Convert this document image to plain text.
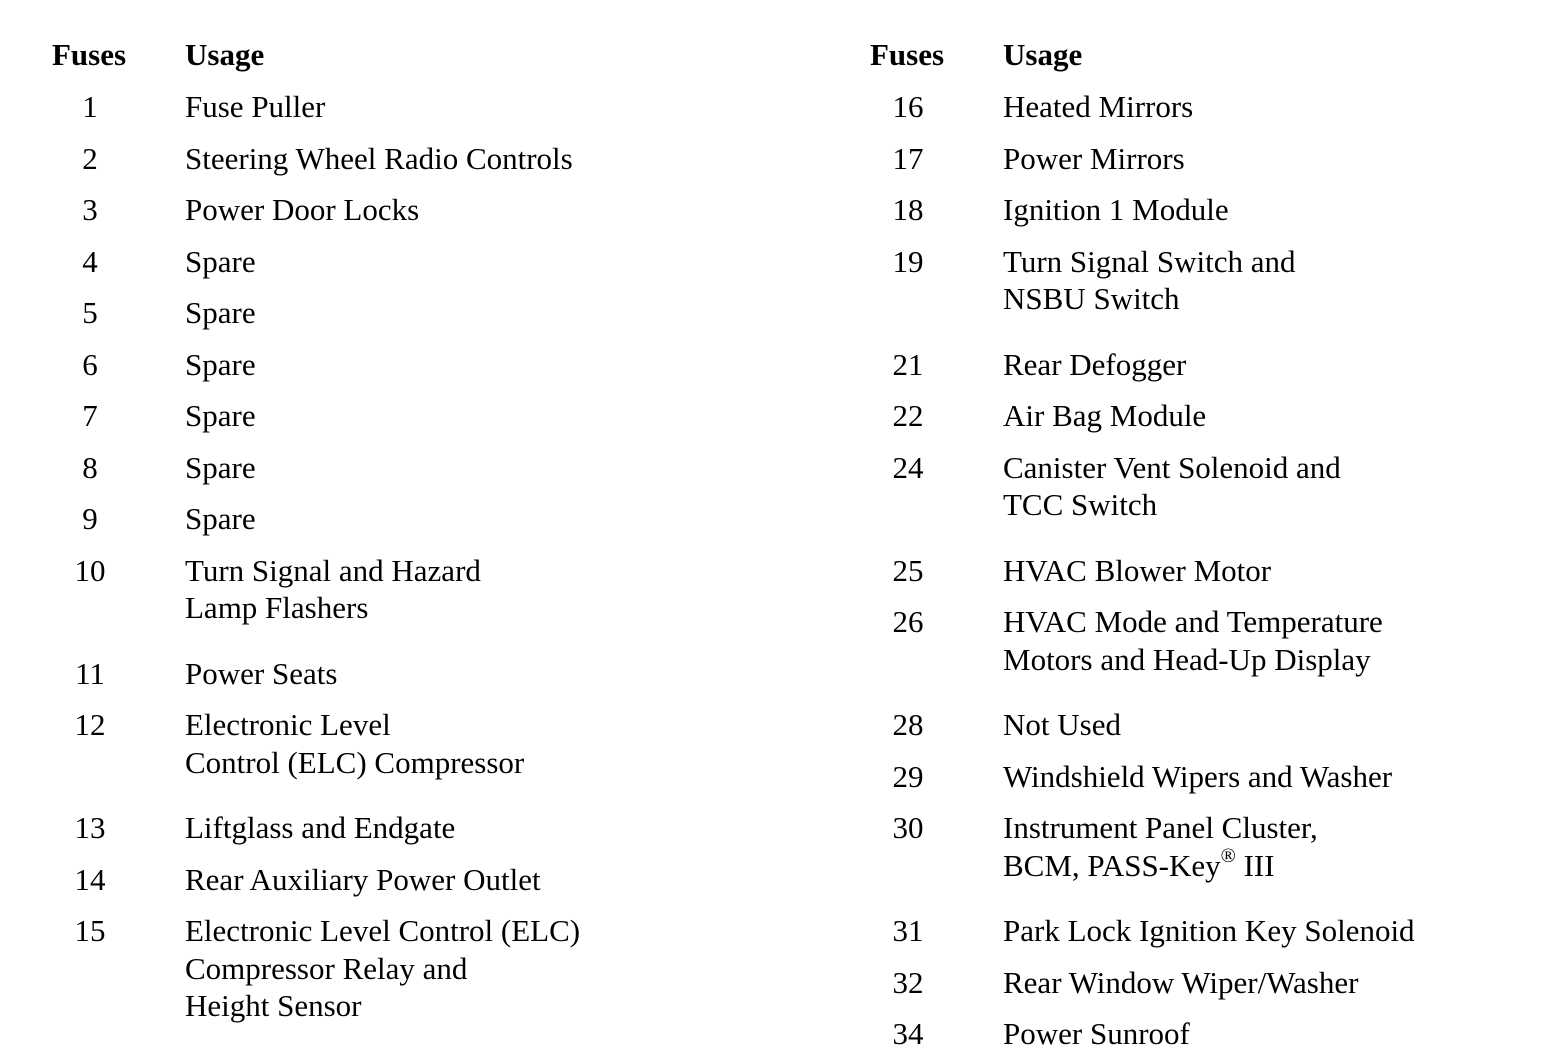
Fuses Usage
1	Fuse Puller
2	Steering Wheel Radio Controls
3	Power Door Locks
4	Spare
5	Spare
6	Spare
7	Spare
8	Spare
9	Spare
10	Turn Signal and Hazard
Lamp Flashers
11	Power Seats
12	Electronic Level
Control (ELC) Compressor
13	Liftglass and Endgate
14	Rear Auxiliary Power Outlet
15	Electronic Level Control (ELC)
Compressor Relay and
Height Sensor
Fuses Usage
16	Heated Mirrors
17	Power Mirrors
18	Ignition 1 Module
19	Turn Signal Switch and
NSBU Switch
21	Rear Defogger
22	Air Bag Module
24	Canister Vent Solenoid and
TCC Switch
25	HVAC Blower Motor
26	HVAC Mode and Temperature
Motors and Head-Up Display
28	Not Used
29	Windshield Wipers and Washer
30	Instrument Panel Cluster,
BCM, PASS-Key® III
31	Park Lock Ignition Key Solenoid
32	Rear Window Wiper/Washer
34	Power Sunroof
